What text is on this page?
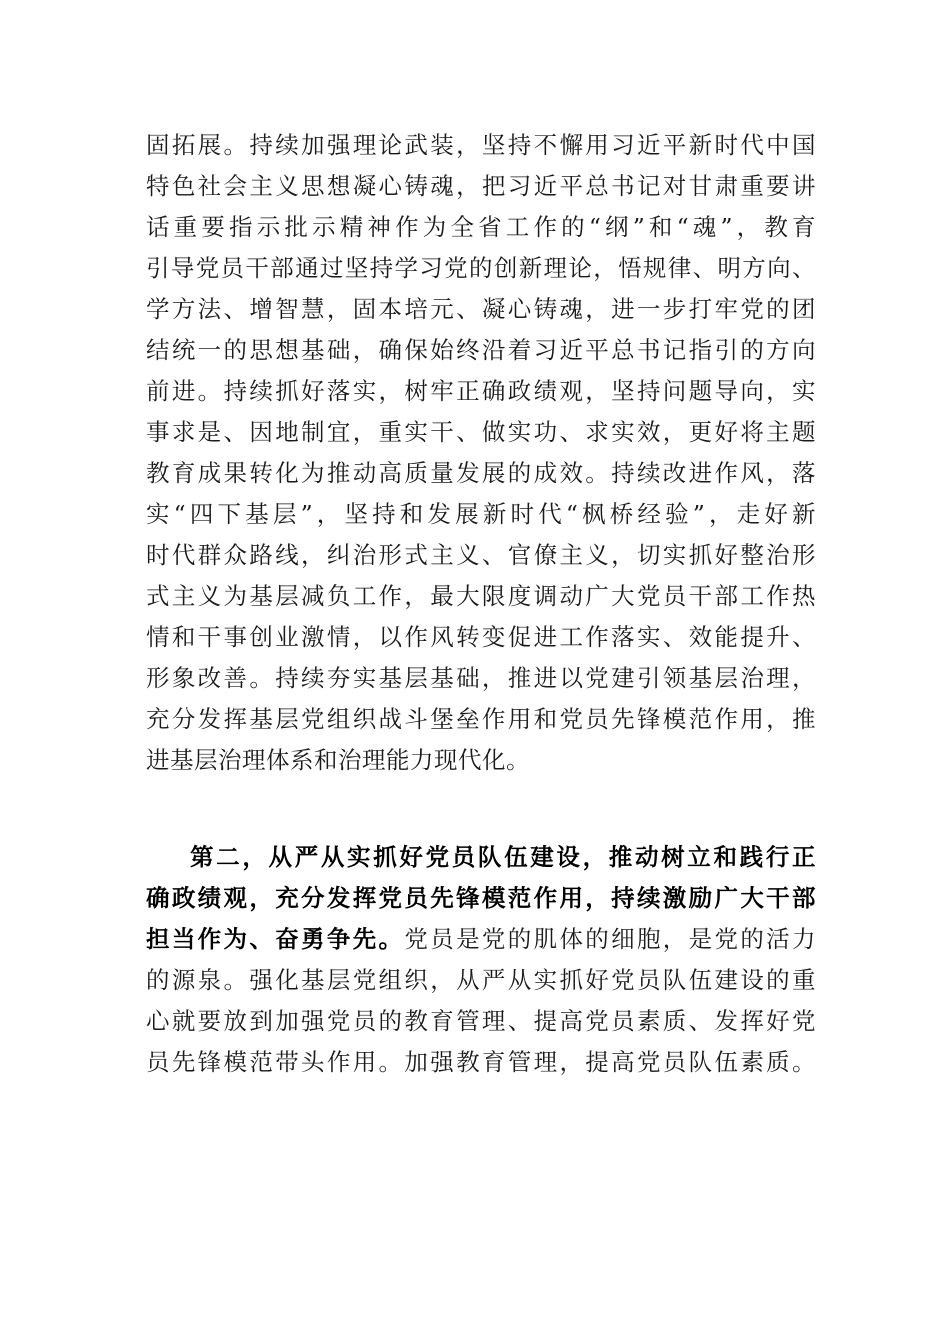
固拓展。持续加强理论武装，坚持不懈用习近平新时代中国
特色社会主义思想凝心铸魂，把习近平总书记对甘肃重要讲
话重要指示批示精神作为全省工作的“纲”和“魂”，教育
引导党员干部通过坚持学习党的创新理论，悟规律、明方向、
学方法、增智慧，固本培元、凝心铸魂，进一步打牢党的团
结统一的思想基础，确保始终沿着习近平总书记指引的方向
前进。持续抓好落实，树牢正确政绩观，坚持问题导向，实
事求是、因地制宜，重实干、做实功、求实效，更好将主题
教育成果转化为推动高质量发展的成效。持续改进作风，落
实“四下基层”，坚持和发展新时代“枫桥经验”，走好新
时代群众路线，纠治形式主义、官僚主义，切实抓好整治形
式主义为基层减负工作，最大限度调动广大党员干部工作热
情和干事创业激情，以作风转变促进工作落实、效能提升、
形象改善。持续夯实基层基础，推进以党建引领基层治理，
充分发挥基层党组织战斗堡垒作用和党员先锋模范作用，推
进基层治理体系和治理能力现代化。
第二，从严从实抓好党员队伍建设，推动树立和践行正
确政绩观，充分发挥党员先锋模范作用，持续激励广大干部
担当作为、奋勇争先。党员是党的肌体的细胞，是党的活力
的源泉。强化基层党组织，从严从实抓好党员队伍建设的重
心就要放到加强党员的教育管理、提高党员素质、发挥好党
员先锋模范带头作用。加强教育管理，提高党员队伍素质。
